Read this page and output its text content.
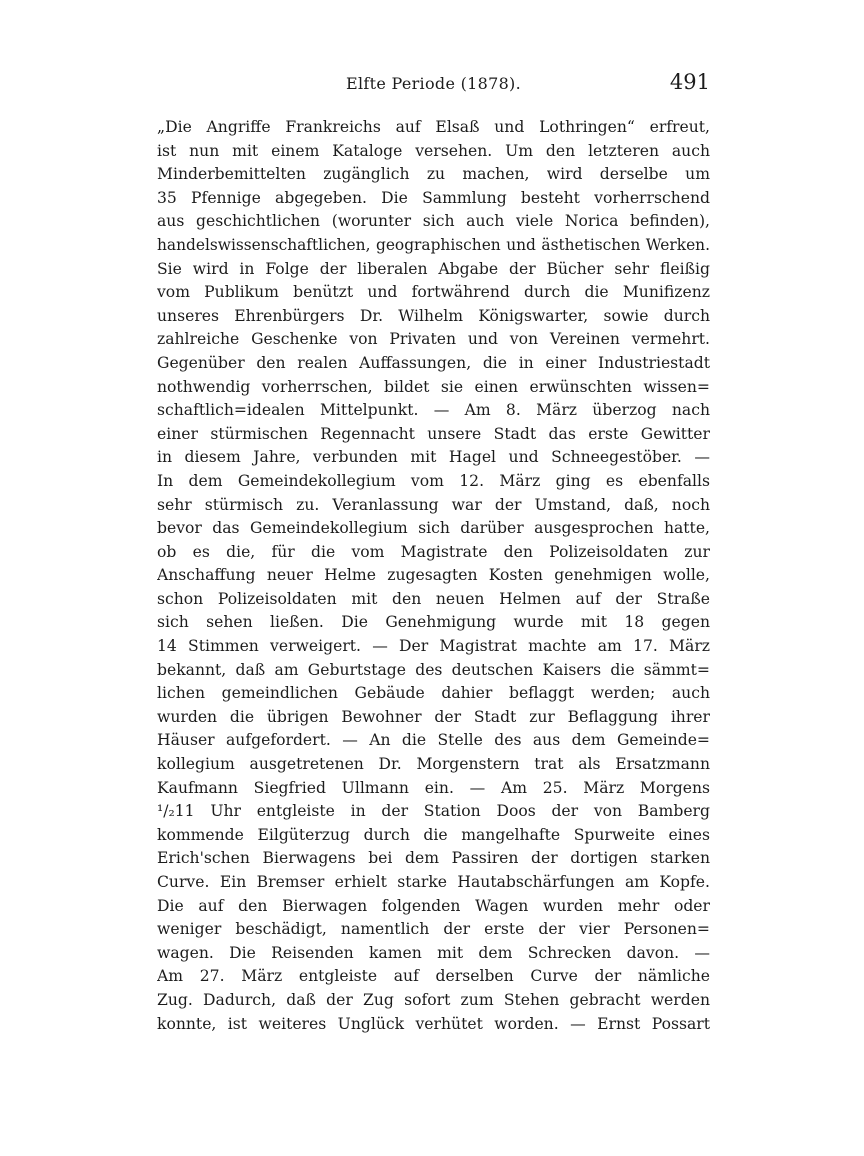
Elfte Periode (1878).	491
„Die Angriffe Frankreichs auf Elsaß und Lothringen“ erfreut,
ist nun mit einem Kataloge versehen. Um den letzteren auch
Minderbemittelten zugänglich zu machen, wird derselbe um
35 Pfennige abgegeben. Die Sammlung besteht vorherrschend
aus geschichtlichen (worunter sich auch viele Norica befinden),
handelswissenschaftlichen, geographischen und ästhetischen Werken.
Sie wird in Folge der liberalen Abgabe der Bücher sehr fleißig
vom Publikum benützt und fortwährend durch die Munifizenz
unseres Ehrenbürgers Dr. Wilhelm Königswarter, sowie durch
zahlreiche Geschenke von Privaten und von Vereinen vermehrt.
Gegenüber den realen Auffassungen, die in einer Industriestadt
nothwendig vorherrschen, bildet sie einen erwünschten wissen=
schaftlich=idealen Mittelpunkt. — Am 8. März überzog nach
einer stürmischen Regennacht unsere Stadt das erste Gewitter
in diesem Jahre, verbunden mit Hagel und Schneegestöber. —
In dem Gemeindekollegium vom 12. März ging es ebenfalls
sehr stürmisch zu. Veranlassung war der Umstand, daß, noch
bevor das Gemeindekollegium sich darüber ausgesprochen hatte,
ob es die, für die vom Magistrate den Polizeisoldaten zur
Anschaffung neuer Helme zugesagten Kosten genehmigen wolle,
schon Polizeisoldaten mit den neuen Helmen auf der Straße
sich sehen ließen. Die Genehmigung wurde mit 18 gegen
14 Stimmen verweigert. — Der Magistrat machte am 17. März
bekannt, daß am Geburtstage des deutschen Kaisers die sämmt=
lichen gemeindlichen Gebäude dahier beflaggt werden; auch
wurden die übrigen Bewohner der Stadt zur Beflaggung ihrer
Häuser aufgefordert. — An die Stelle des aus dem Gemeinde=
kollegium ausgetretenen Dr. Morgenstern trat als Ersatzmann
Kaufmann Siegfried Ullmann ein. — Am 25. März Morgens
¹/₂11 Uhr entgleiste in der Station Doos der von Bamberg
kommende Eilgüterzug durch die mangelhafte Spurweite eines
Erich'schen Bierwagens bei dem Passiren der dortigen starken
Curve. Ein Bremser erhielt starke Hautabschärfungen am Kopfe.
Die auf den Bierwagen folgenden Wagen wurden mehr oder
weniger beschädigt, namentlich der erste der vier Personen=
wagen. Die Reisenden kamen mit dem Schrecken davon. —
Am 27. März entgleiste auf derselben Curve der nämliche
Zug. Dadurch, daß der Zug sofort zum Stehen gebracht werden
konnte, ist weiteres Unglück verhütet worden. — Ernst Possart
